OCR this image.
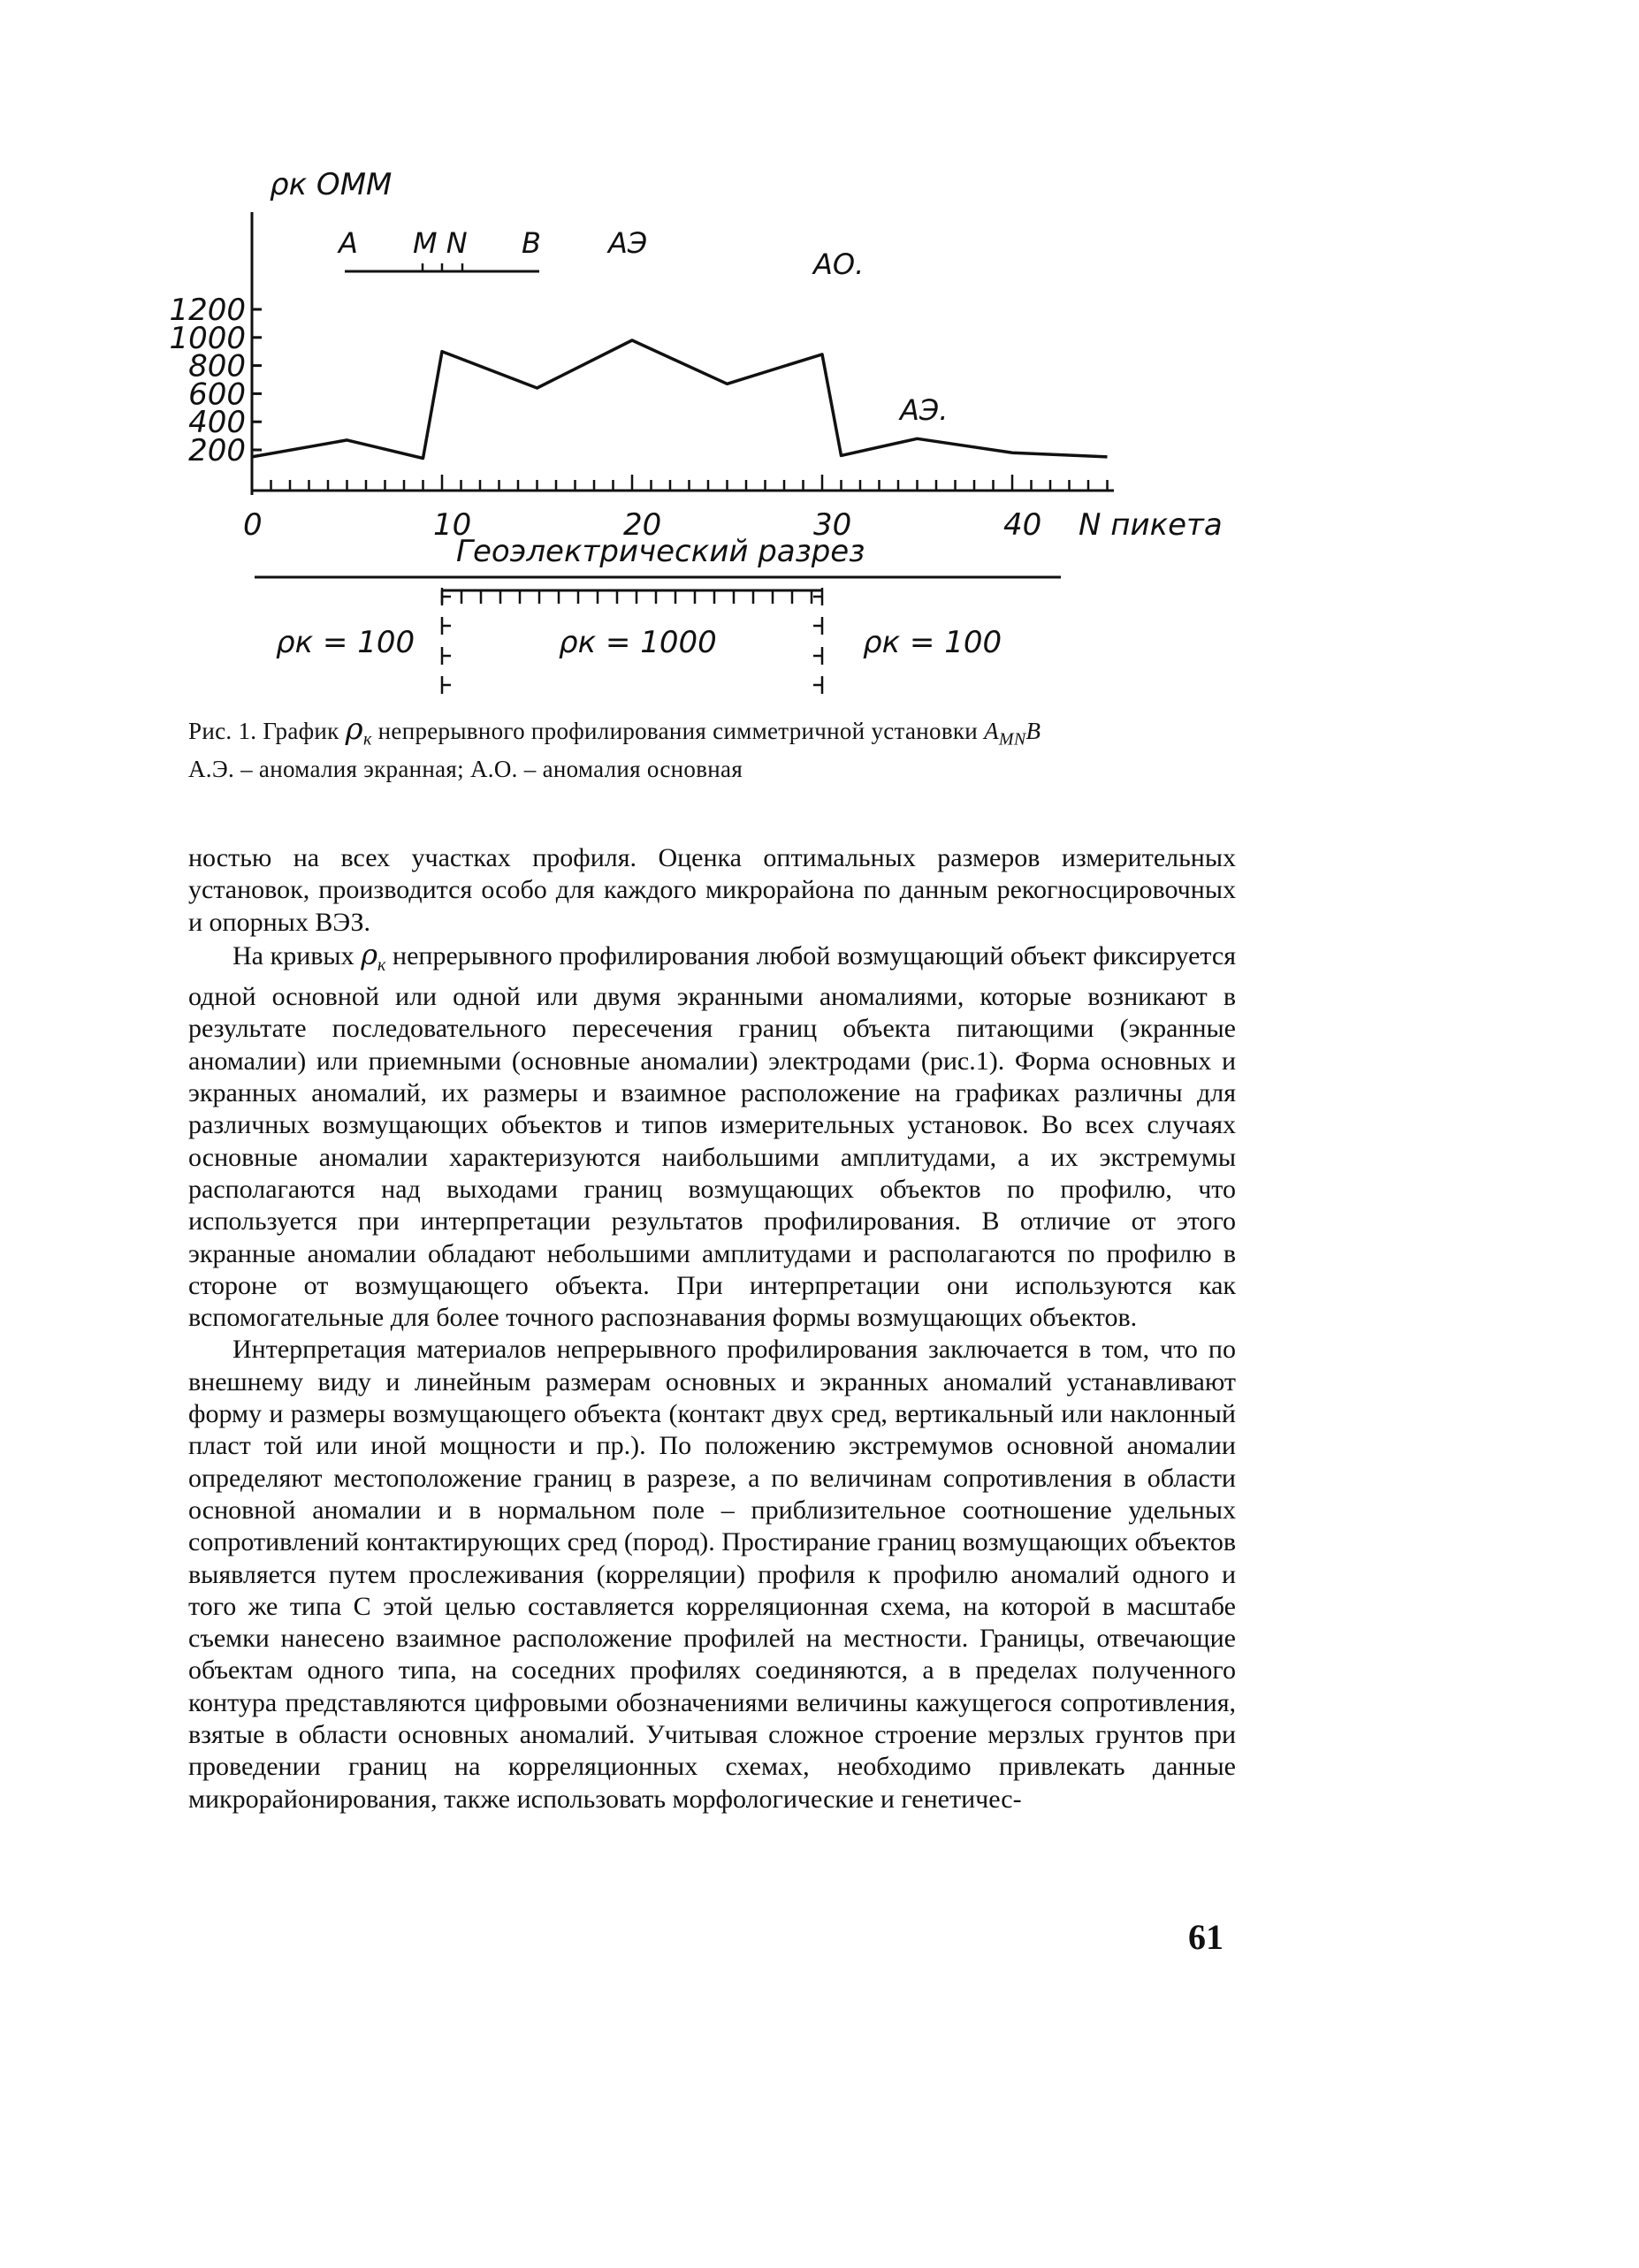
ρк ОММ
200
400
600
800
1000
1200
0	10	20	30	40 N пикета
A M N B АЭ
АО.
АЭ.
Геоэлектрический разрез
ρк = 100	ρк = 1000	ρк = 100
Рис. 1. График $\rho_к$ непрерывного профилирования симметричной установки $A_{MN}B$
А.Э. – аномалия экранная; А.О. – аномалия основная

ностью на всех участках профиля. Оценка оптимальных размеров измерительных установок, производится особо для каждого микрорайона по данным рекогносцировочных и опорных ВЭЗ.

На кривых $\rho_к$ непрерывного профилирования любой возмущающий объект фиксируется одной основной или одной или двумя экранными аномалиями, которые возникают в результате последовательного пересечения границ объекта питающими (экранные аномалии) или приемными (основные аномалии) электродами (рис.1). Форма основных и экранных аномалий, их размеры и взаимное расположение на графиках различны для различных возмущающих объектов и типов измерительных установок. Во всех случаях основные аномалии характеризуются наибольшими амплитудами, а их экстремумы располагаются над выходами границ возмущающих объектов по профилю, что используется при интерпретации результатов профилирования. В отличие от этого экранные аномалии обладают небольшими амплитудами и располагаются по профилю в стороне от возмущающего объекта. При интерпретации они используются как вспомогательные для более точного распознавания формы возмущающих объектов.

Интерпретация материалов непрерывного профилирования заключается в том, что по внешнему виду и линейным размерам основных и экранных аномалий устанавливают форму и размеры возмущающего объекта (контакт двух сред, вертикальный или наклонный пласт той или иной мощности и пр.). По положению экстремумов основной аномалии определяют местоположение границ в разрезе, а по величинам сопротивления в области основной аномалии и в нормальном поле – приблизительное соотношение удельных сопротивлений контактирующих сред (пород). Простирание границ возмущающих объектов выявляется путем прослеживания (корреляции) профиля к профилю аномалий одного и того же типа С этой целью составляется корреляционная схема, на которой в масштабе съемки нанесено взаимное расположение профилей на местности. Границы, отвечающие объектам одного типа, на соседних профилях соединяются, а в пределах полученного контура представляются цифровыми обозначениями величины кажущегося сопротивления, взятые в области основных аномалий. Учитывая сложное строение мерзлых грунтов при проведении границ на корреляционных схемах, необходимо привлекать данные микрорайонирования, также использовать морфологические и генетичес-

61
